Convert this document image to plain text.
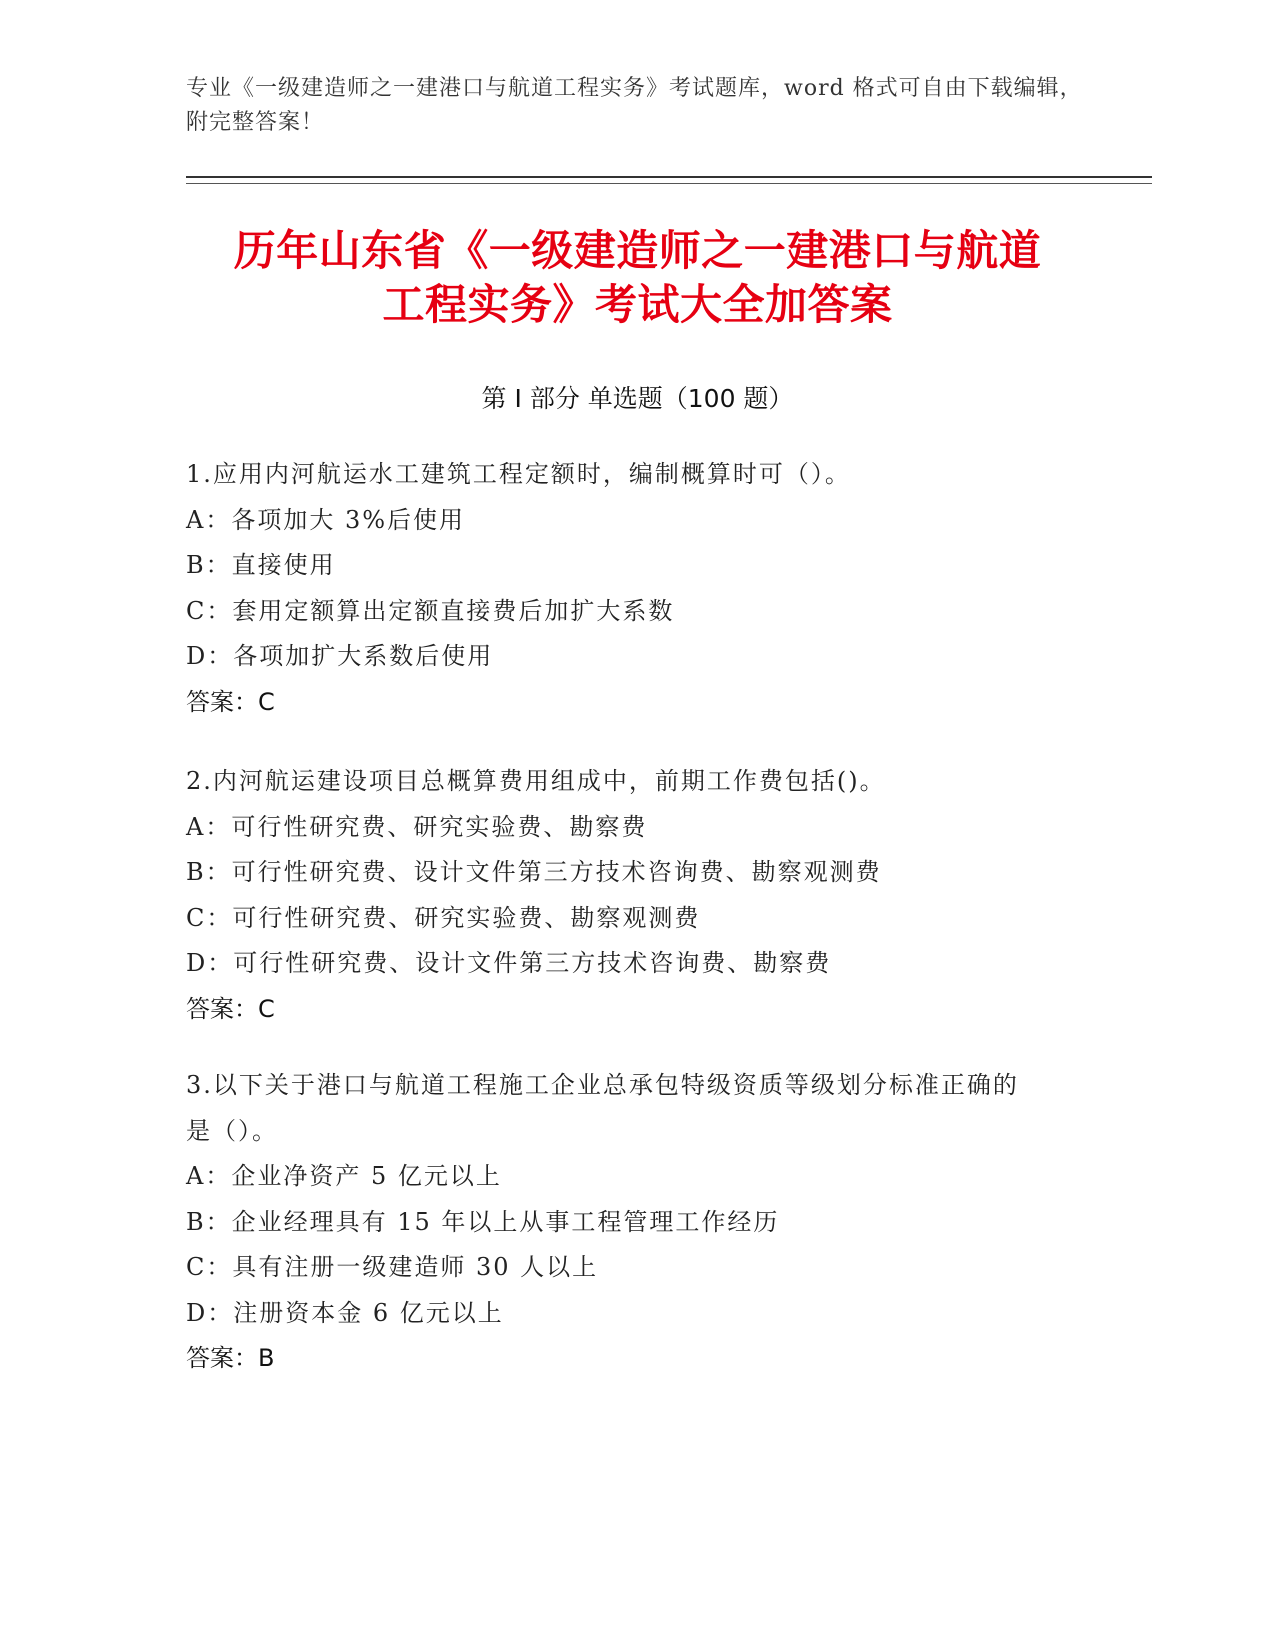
专业《一级建造师之一建港口与航道工程实务》考试题库，word 格式可自由下载编辑，附完整答案！
历年山东省《一级建造师之一建港口与航道
工程实务》考试大全加答案
第 I 部分 单选题（100 题）
1.应用内河航运水工建筑工程定额时，编制概算时可（）。
A：各项加大 3%后使用
B：直接使用
C：套用定额算出定额直接费后加扩大系数
D：各项加扩大系数后使用
答案：C
2.内河航运建设项目总概算费用组成中，前期工作费包括()。
A：可行性研究费、研究实验费、勘察费
B：可行性研究费、设计文件第三方技术咨询费、勘察观测费
C：可行性研究费、研究实验费、勘察观测费
D：可行性研究费、设计文件第三方技术咨询费、勘察费
答案：C
3.以下关于港口与航道工程施工企业总承包特级资质等级划分标准正确的是（）。
A：企业净资产 5 亿元以上
B：企业经理具有 15 年以上从事工程管理工作经历
C：具有注册一级建造师 30 人以上
D：注册资本金 6 亿元以上
答案：B
